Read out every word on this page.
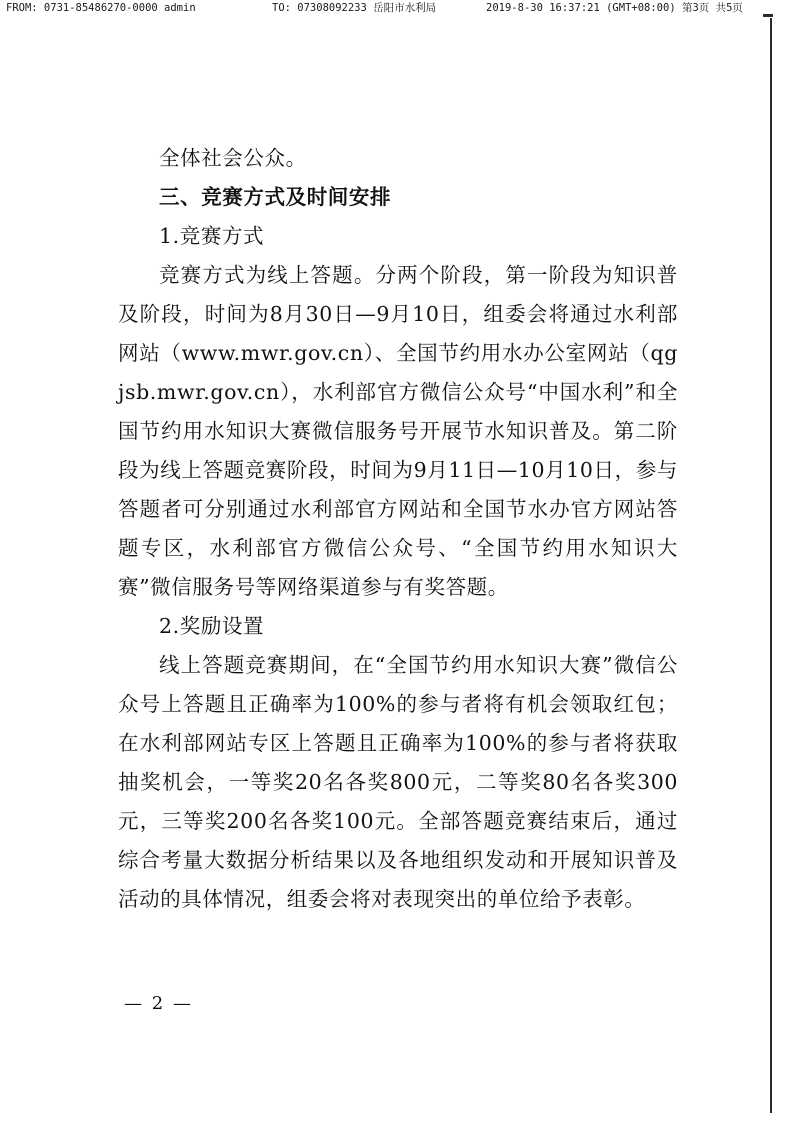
FROM: 0731-85486270-0000 admin	TO: 07308092233 岳阳市水利局	2019-8-30 16:37:21 (GMT+08:00) 第3页 共5页

全体社会公众。

三、竞赛方式及时间安排

1.竞赛方式

竞赛方式为线上答题。分两个阶段，第一阶段为知识普及阶段，时间为8月30日—9月10日，组委会将通过水利部网站（www.mwr.gov.cn）、全国节约用水办公室网站（qgjsb.mwr.gov.cn），水利部官方微信公众号“中国水利”和全国节约用水知识大赛微信服务号开展节水知识普及。第二阶段为线上答题竞赛阶段，时间为9月11日—10月10日，参与答题者可分别通过水利部官方网站和全国节水办官方网站答题专区，水利部官方微信公众号、“全国节约用水知识大赛”微信服务号等网络渠道参与有奖答题。

2.奖励设置

线上答题竞赛期间，在“全国节约用水知识大赛”微信公众号上答题且正确率为100%的参与者将有机会领取红包；在水利部网站专区上答题且正确率为100%的参与者将获取抽奖机会，一等奖20名各奖800元，二等奖80名各奖300元，三等奖200名各奖100元。全部答题竞赛结束后，通过综合考量大数据分析结果以及各地组织发动和开展知识普及活动的具体情况，组委会将对表现突出的单位给予表彰。

— 2 —
